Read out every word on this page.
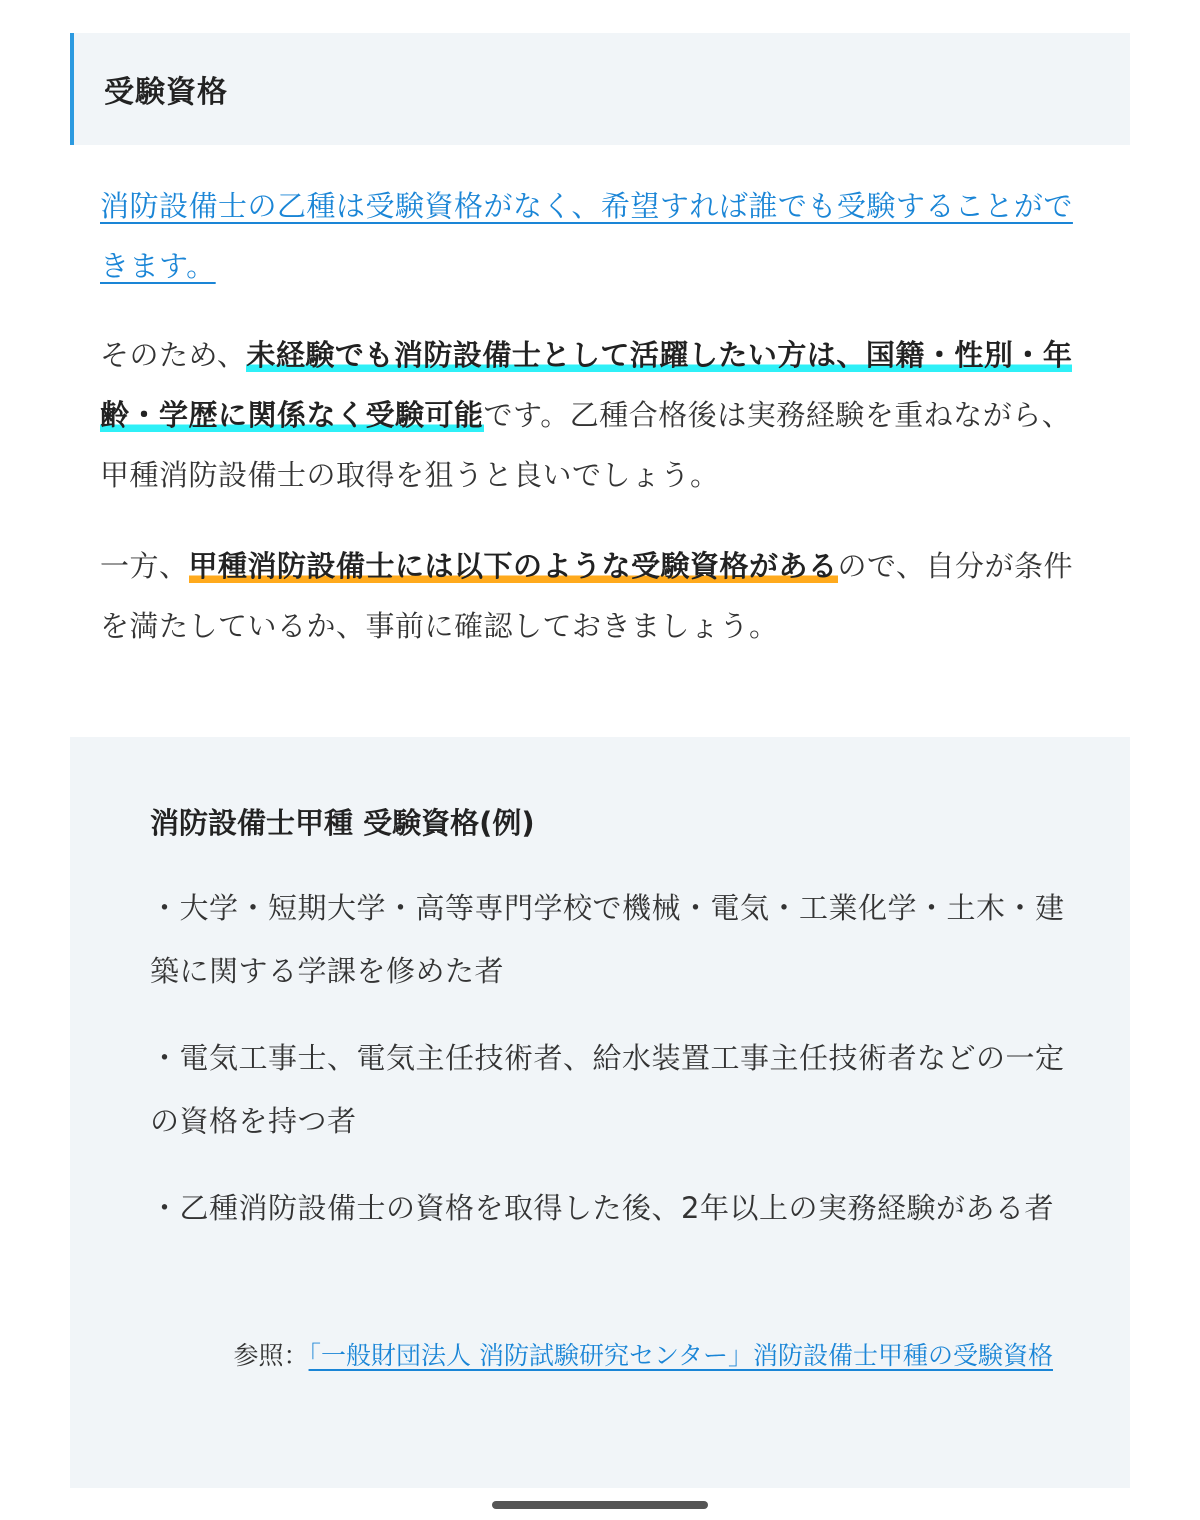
受験資格

消防設備士の乙種は受験資格がなく、希望すれば誰でも受験することができます。

そのため、未経験でも消防設備士として活躍したい方は、国籍・性別・年齢・学歴に関係なく受験可能です。乙種合格後は実務経験を重ねながら、甲種消防設備士の取得を狙うと良いでしょう。

一方、甲種消防設備士には以下のような受験資格があるので、自分が条件を満たしているか、事前に確認しておきましょう。

消防設備士甲種 受験資格(例)
・大学・短期大学・高等専門学校で機械・電気・工業化学・土木・建築に関する学課を修めた者
・電気工事士、電気主任技術者、給水装置工事主任技術者などの一定の資格を持つ者
・乙種消防設備士の資格を取得した後、2年以上の実務経験がある者
参照：「一般財団法人 消防試験研究センター」消防設備士甲種の受験資格
